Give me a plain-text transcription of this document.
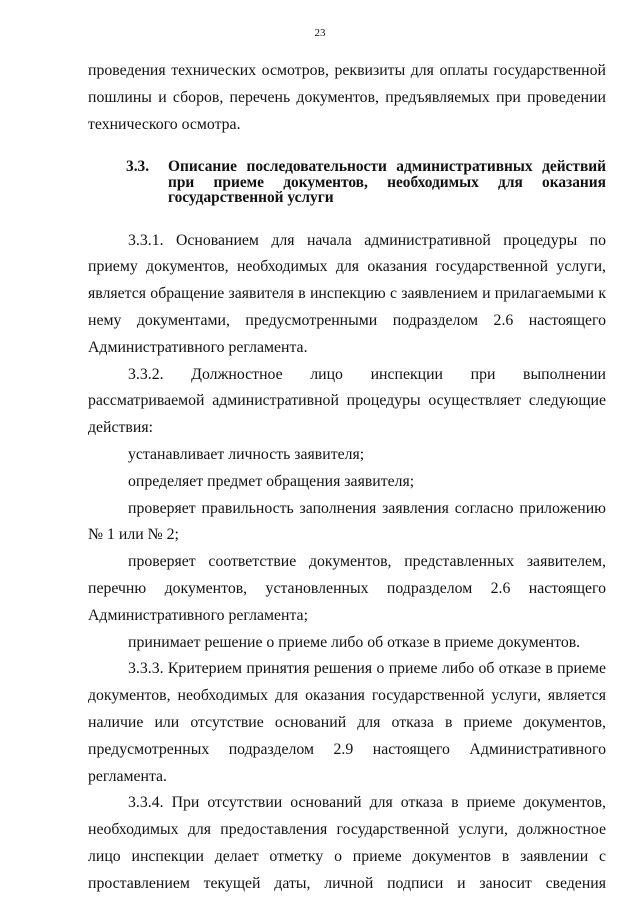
23

проведения технических осмотров, реквизиты для оплаты государственной пошлины и сборов, перечень документов, предъявляемых при проведении технического осмотра.

3.3. Описание последовательности административных действий при приеме документов, необходимых для оказания государственной услуги

3.3.1. Основанием для начала административной процедуры по приему документов, необходимых для оказания государственной услуги, является обращение заявителя в инспекцию с заявлением и прилагаемыми к нему документами, предусмотренными подразделом 2.6 настоящего Административного регламента.

3.3.2. Должностное лицо инспекции при выполнении рассматриваемой административной процедуры осуществляет следующие действия:

устанавливает личность заявителя;

определяет предмет обращения заявителя;

проверяет правильность заполнения заявления согласно приложению № 1 или № 2;

проверяет соответствие документов, представленных заявителем, перечню документов, установленных подразделом 2.6 настоящего Административного регламента;

принимает решение о приеме либо об отказе в приеме документов.

3.3.3. Критерием принятия решения о приеме либо об отказе в приеме документов, необходимых для оказания государственной услуги, является наличие или отсутствие оснований для отказа в приеме документов, предусмотренных подразделом 2.9 настоящего Административного регламента.

3.3.4. При отсутствии оснований для отказа в приеме документов, необходимых для предоставления государственной услуги, должностное лицо инспекции делает отметку о приеме документов в заявлении с проставлением текущей даты, личной подписи и заносит сведения
